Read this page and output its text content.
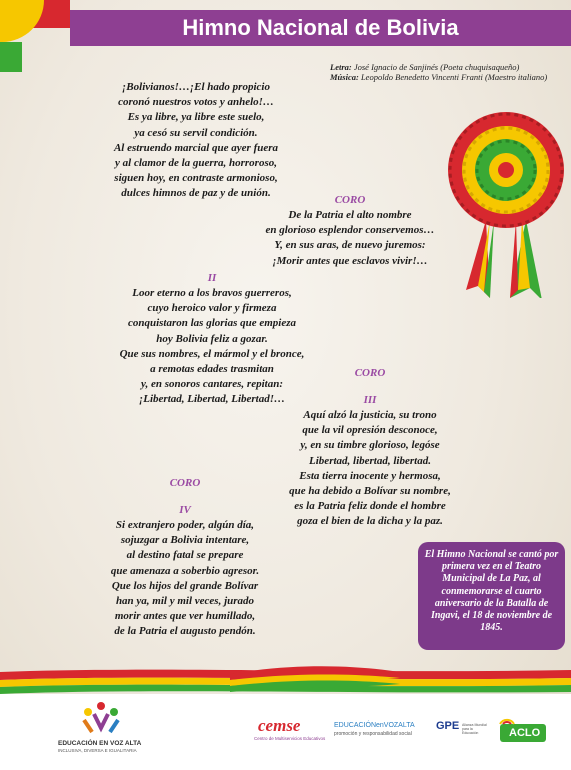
Himno Nacional de Bolivia
Letra: José Ignacio de Sanjinés (Poeta chuquisaqueño)
Música: Leopoldo Benedetto Vincenti Franti (Maestro italiano)
¡Bolivianos!…¡El hado propicio
coronó nuestros votos y anhelo!…
Es ya libre, ya libre este suelo,
ya cesó su servil condición.
Al estruendo marcial que ayer fuera
y al clamor de la guerra, horroroso,
siguen hoy, en contraste armonioso,
dulces himnos de paz y de unión.
CORO
De la Patria el alto nombre
en glorioso esplendor conservemos…
Y, en sus aras, de nuevo juremos:
¡Morir antes que esclavos vivir!…
II
Loor eterno a los bravos guerreros,
cuyo heroico valor y firmeza
conquistaron las glorias que empieza
hoy Bolivia feliz a gozar.
Que sus nombres, el mármol y el bronce,
a remotas edades trasmitan
y, en sonoros cantares, repitan:
¡Libertad, Libertad, Libertad!…
CORO
III
Aquí alzó la justicia, su trono
que la vil opresión desconoce,
y, en su timbre glorioso, legóse
Libertad, libertad, libertad.
Esta tierra inocente y hermosa,
que ha debido a Bolívar su nombre,
es la Patria feliz donde el hombre
goza el bien de la dicha y la paz.
CORO
IV
Si extranjero poder, algún día,
sojuzgar a Bolivia intentare,
al destino fatal se prepare
que amenaza a soberbio agresor.
Que los hijos del grande Bolívar
han ya, mil y mil veces, jurado
morir antes que ver humillado,
de la Patria el augusto pendón.
El Himno Nacional se cantó por primera vez en el Teatro Municipal de La Paz, al conmemorarse el cuarto aniversario de la Batalla de Ingavi, el 18 de noviembre de 1845.
EDUCACIÓN EN VOZ ALTA
INCLUSIVA, DIVERSA E IGUALITARIA
cemse
Centro de Multiservicios Educativos
EDUCACIÓNenVOZALTA
promoción y responsabilidad social
GPE Alianza Mundial para la Educación	ACLO
